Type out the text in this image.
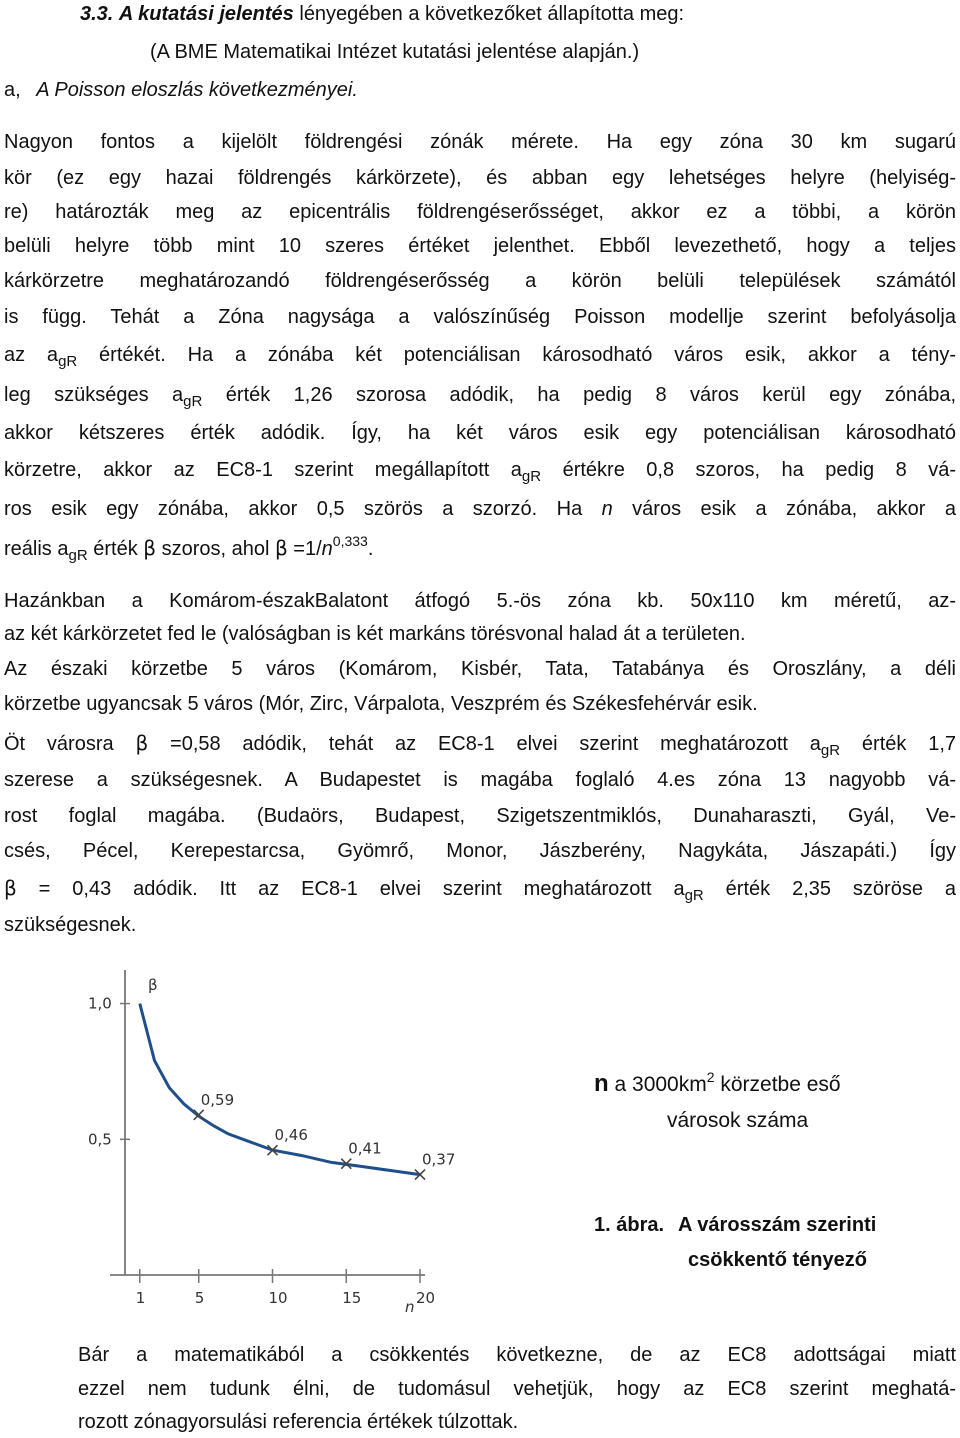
3.3. A kutatási jelentés lényegében a következőket állapította meg:
(A BME Matematikai Intézet kutatási jelentése alapján.)
a, A Poisson eloszlás következményei.
Nagyon fontos a kijelölt földrengési zónák mérete. Ha egy zóna 30 km sugarú
kör (ez egy hazai földrengés kárkörzete), és abban egy lehetséges helyre (helyiség-
re) határozták meg az epicentrális földrengéserősséget, akkor ez a többi, a körön
belüli helyre több mint 10 szeres értéket jelenthet. Ebből levezethető, hogy a teljes
kárkörzetre meghatározandó földrengéserősség a körön belüli települések számától
is függ. Tehát a Zóna nagysága a valószínűség Poisson modellje szerint befolyásolja
az $a_{gR}$ értékét. Ha a zónába két potenciálisan károsodható város esik, akkor a tény-
leg szükséges $a_{gR}$ érték 1,26 szorosa adódik, ha pedig 8 város kerül egy zónába,
akkor kétszeres érték adódik. Így, ha két város esik egy potenciálisan károsodható
körzetre, akkor az EC8-1 szerint megállapított $a_{gR}$ értékre 0,8 szoros, ha pedig 8 vá-
ros esik egy zónába, akkor 0,5 szörös a szorzó. Ha n város esik a zónába, akkor a
reális $a_{gR}$ érték β szoros, ahol $\beta =1/n^{0,333}$.
Hazánkban a Komárom-északBalatont átfogó 5.-ös zóna kb. 50x110 km méretű, az-
az két kárkörzetet fed le (valóságban is két markáns törésvonal halad át a területen.
Az északi körzetbe 5 város (Komárom, Kisbér, Tata, Tatabánya és Oroszlány, a déli
körzetbe ugyancsak 5 város (Mór, Zirc, Várpalota, Veszprém és Székesfehérvár esik.
Öt városra β =0,58 adódik, tehát az EC8-1 elvei szerint meghatározott $a_{gR}$ érték 1,7
szerese a szükségesnek. A Budapestet is magába foglaló 4.es zóna 13 nagyobb vá-
rost foglal magába. (Budaörs, Budapest, Szigetszentmiklós, Dunaharaszti, Gyál, Ve-
csés, Pécel, Kerepestarcsa, Gyömrő, Monor, Jászberény, Nagykáta, Jászapáti.) Így
β = 0,43 adódik. Itt az EC8-1 elvei szerint meghatározott $a_{gR}$ érték 2,35 szöröse a
szükségesnek.
1	5	10	15	20
1,0
0,5
0,59
0,46
0,41
0,37
β
n
n a $3000km^2$ körzetbe eső
városok száma
1. ábra. A városszám szerinti
csökkentő tényező
Bár a matematikából a csökkentés következne, de az EC8 adottságai miatt
ezzel nem tudunk élni, de tudomásul vehetjük, hogy az EC8 szerint meghatá-
rozott zónagyorsulási referencia értékek túlzottak.
